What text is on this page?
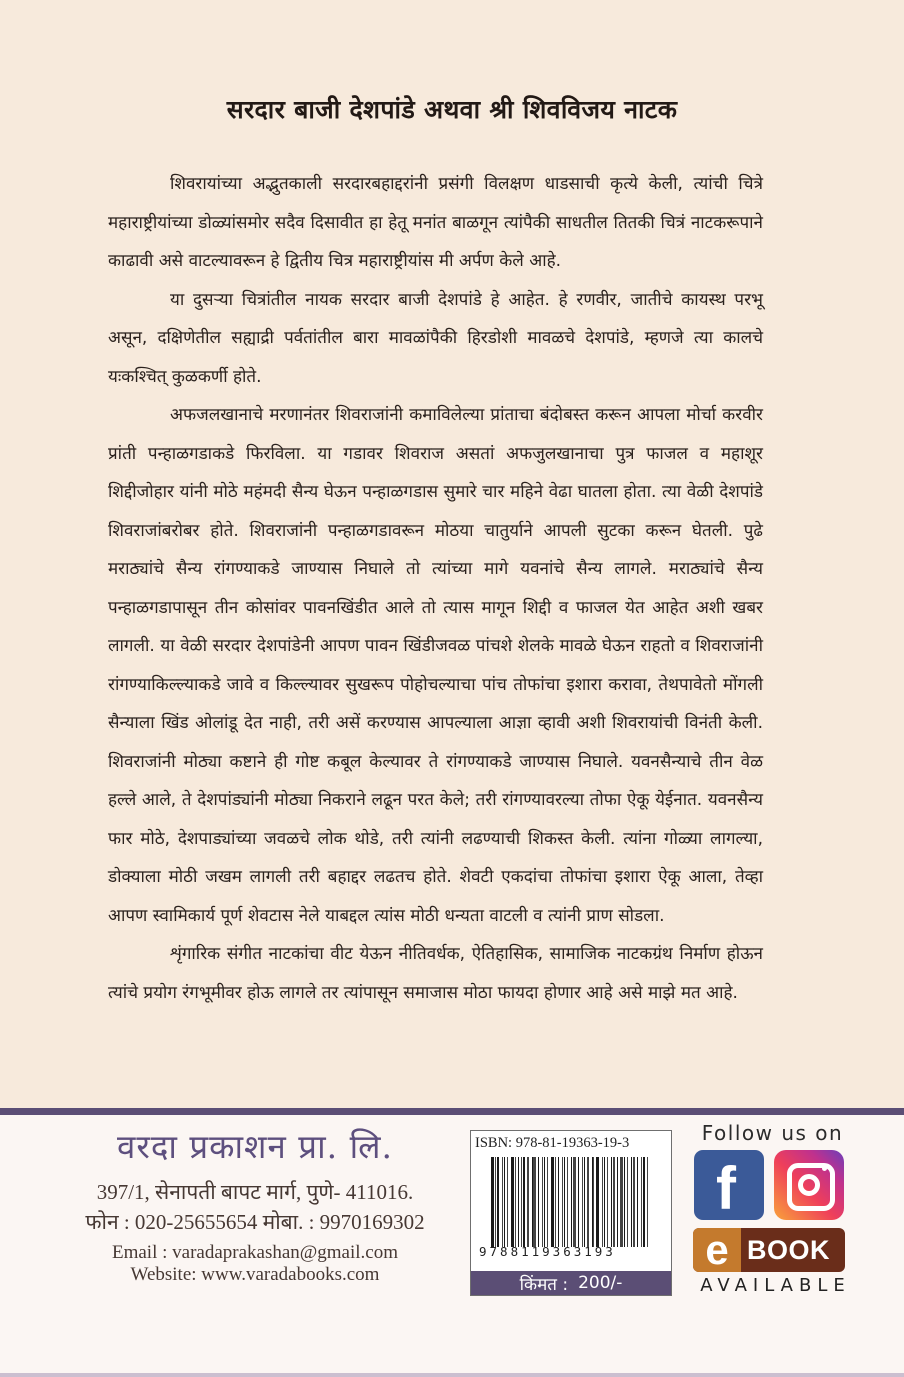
सरदार बाजी देशपांडे अथवा श्री शिवविजय नाटक

शिवरायांच्या अद्भुतकाली सरदारबहाद्दरांनी प्रसंगी विलक्षण धाडसाची कृत्ये केली, त्यांची चित्रे महाराष्ट्रीयांच्या डोळ्यांसमोर सदैव दिसावीत हा हेतू मनांत बाळगून त्यांपैकी साधतील तितकी चित्रं नाटकरूपाने काढावी असे वाटल्यावरून हे द्वितीय चित्र महाराष्ट्रीयांस मी अर्पण केले आहे.

या दुसऱ्या चित्रांतील नायक सरदार बाजी देशपांडे हे आहेत. हे रणवीर, जातीचे कायस्थ परभू असून, दक्षिणेतील सह्याद्री पर्वतांतील बारा मावळांपैकी हिरडोशी मावळचे देशपांडे, म्हणजे त्या कालचे यःकश्चित् कुळकर्णी होते.

अफजलखानाचे मरणानंतर शिवराजांनी कमाविलेल्या प्रांताचा बंदोबस्त करून आपला मोर्चा करवीर प्रांती पन्हाळगडाकडे फिरविला. या गडावर शिवराज असतां अफजुलखानाचा पुत्र फाजल व महाशूर शिद्दीजोहार यांनी मोठे महंमदी सैन्य घेऊन पन्हाळगडास सुमारे चार महिने वेढा घातला होता. त्या वेळी देशपांडे शिवराजांबरोबर होते. शिवराजांनी पन्हाळगडावरून मोठया चातुर्याने आपली सुटका करून घेतली. पुढे मराठ्यांचे सैन्य रांगण्याकडे जाण्यास निघाले तो त्यांच्या मागे यवनांचे सैन्य लागले. मराठ्यांचे सैन्य पन्हाळगडापासून तीन कोसांवर पावनखिंडीत आले तो त्यास मागून शिद्दी व फाजल येत आहेत अशी खबर लागली. या वेळी सरदार देशपांडेनी आपण पावन खिंडीजवळ पांचशे शेलके मावळे घेऊन राहतो व शिवराजांनी रांगण्याकिल्ल्याकडे जावे व किल्ल्यावर सुखरूप पोहोचल्याचा पांच तोफांचा इशारा करावा, तेथपावेतो मोंगली सैन्याला खिंड ओलांडू देत नाही, तरी असें करण्यास आपल्याला आज्ञा व्हावी अशी शिवरायांची विनंती केली. शिवराजांनी मोठ्या कष्टाने ही गोष्ट कबूल केल्यावर ते रांगण्याकडे जाण्यास निघाले. यवनसैन्याचे तीन वेळ हल्ले आले, ते देशपांड्यांनी मोठ्या निकराने लढून परत केले; तरी रांगण्यावरल्या तोफा ऐकू येईनात. यवनसैन्य फार मोठे, देशपाड्यांच्या जवळचे लोक थोडे, तरी त्यांनी लढण्याची शिकस्त केली. त्यांना गोळ्या लागल्या, डोक्याला मोठी जखम लागली तरी बहाद्दर लढतच होते. शेवटी एकदांचा तोफांचा इशारा ऐकू आला, तेव्हा आपण स्वामिकार्य पूर्ण शेवटास नेले याबद्दल त्यांस मोठी धन्यता वाटली व त्यांनी प्राण सोडला.

शृंगारिक संगीत नाटकांचा वीट येऊन नीतिवर्धक, ऐतिहासिक, सामाजिक नाटकग्रंथ निर्माण होऊन त्यांचे प्रयोग रंगभूमीवर होऊ लागले तर त्यांपासून समाजास मोठा फायदा होणार आहे असे माझे मत आहे.

वरदा प्रकाशन प्रा. लि.
397/1, सेनापती बापट मार्ग, पुणे- 411016.
फोन : 020-25655654 मोबा. : 9970169302
Email : varadaprakashan@gmail.com
Website: www.varadabooks.com
ISBN: 978-81-19363-19-3
9788119363193
किंमत : 200/-
Follow us on
f
e BOOK
AVAILABLE
